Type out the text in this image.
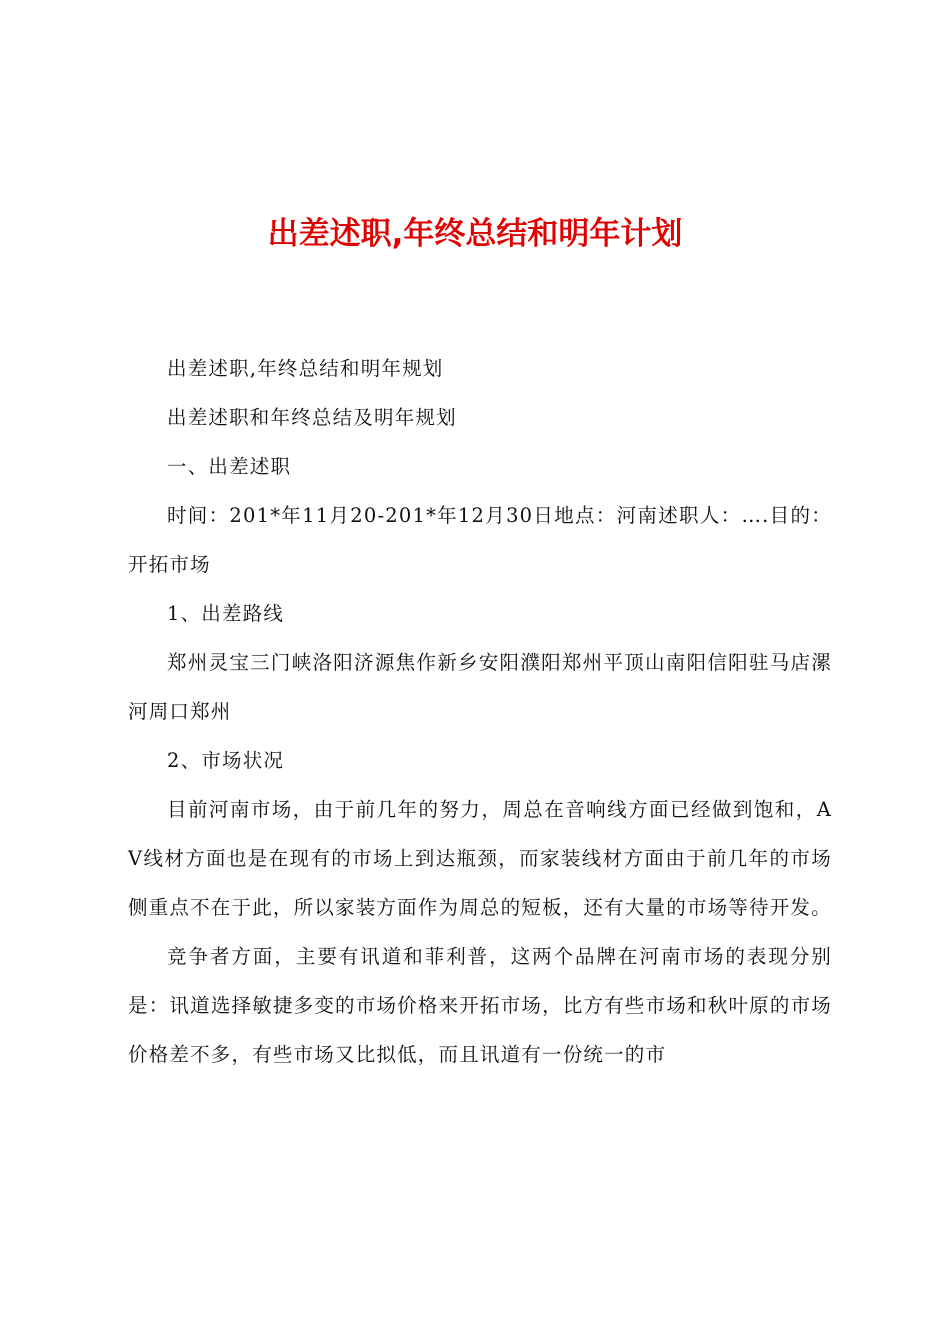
出差述职,年终总结和明年计划

出差述职,年终总结和明年规划

出差述职和年终总结及明年规划

一、出差述职

时间：201*年11月20-201*年12月30日地点：河南述职人：….目的：开拓市场

1、出差路线

郑州灵宝三门峡洛阳济源焦作新乡安阳濮阳郑州平顶山南阳信阳驻马店漯河周口郑州

2、市场状况

目前河南市场，由于前几年的努力，周总在音响线方面已经做到饱和，AV线材方面也是在现有的市场上到达瓶颈，而家装线材方面由于前几年的市场侧重点不在于此，所以家装方面作为周总的短板，还有大量的市场等待开发。

竞争者方面，主要有讯道和菲利普，这两个品牌在河南市场的表现分别是：讯道选择敏捷多变的市场价格来开拓市场，比方有些市场和秋叶原的市场价格差不多，有些市场又比拟低，而且讯道有一份统一的市
